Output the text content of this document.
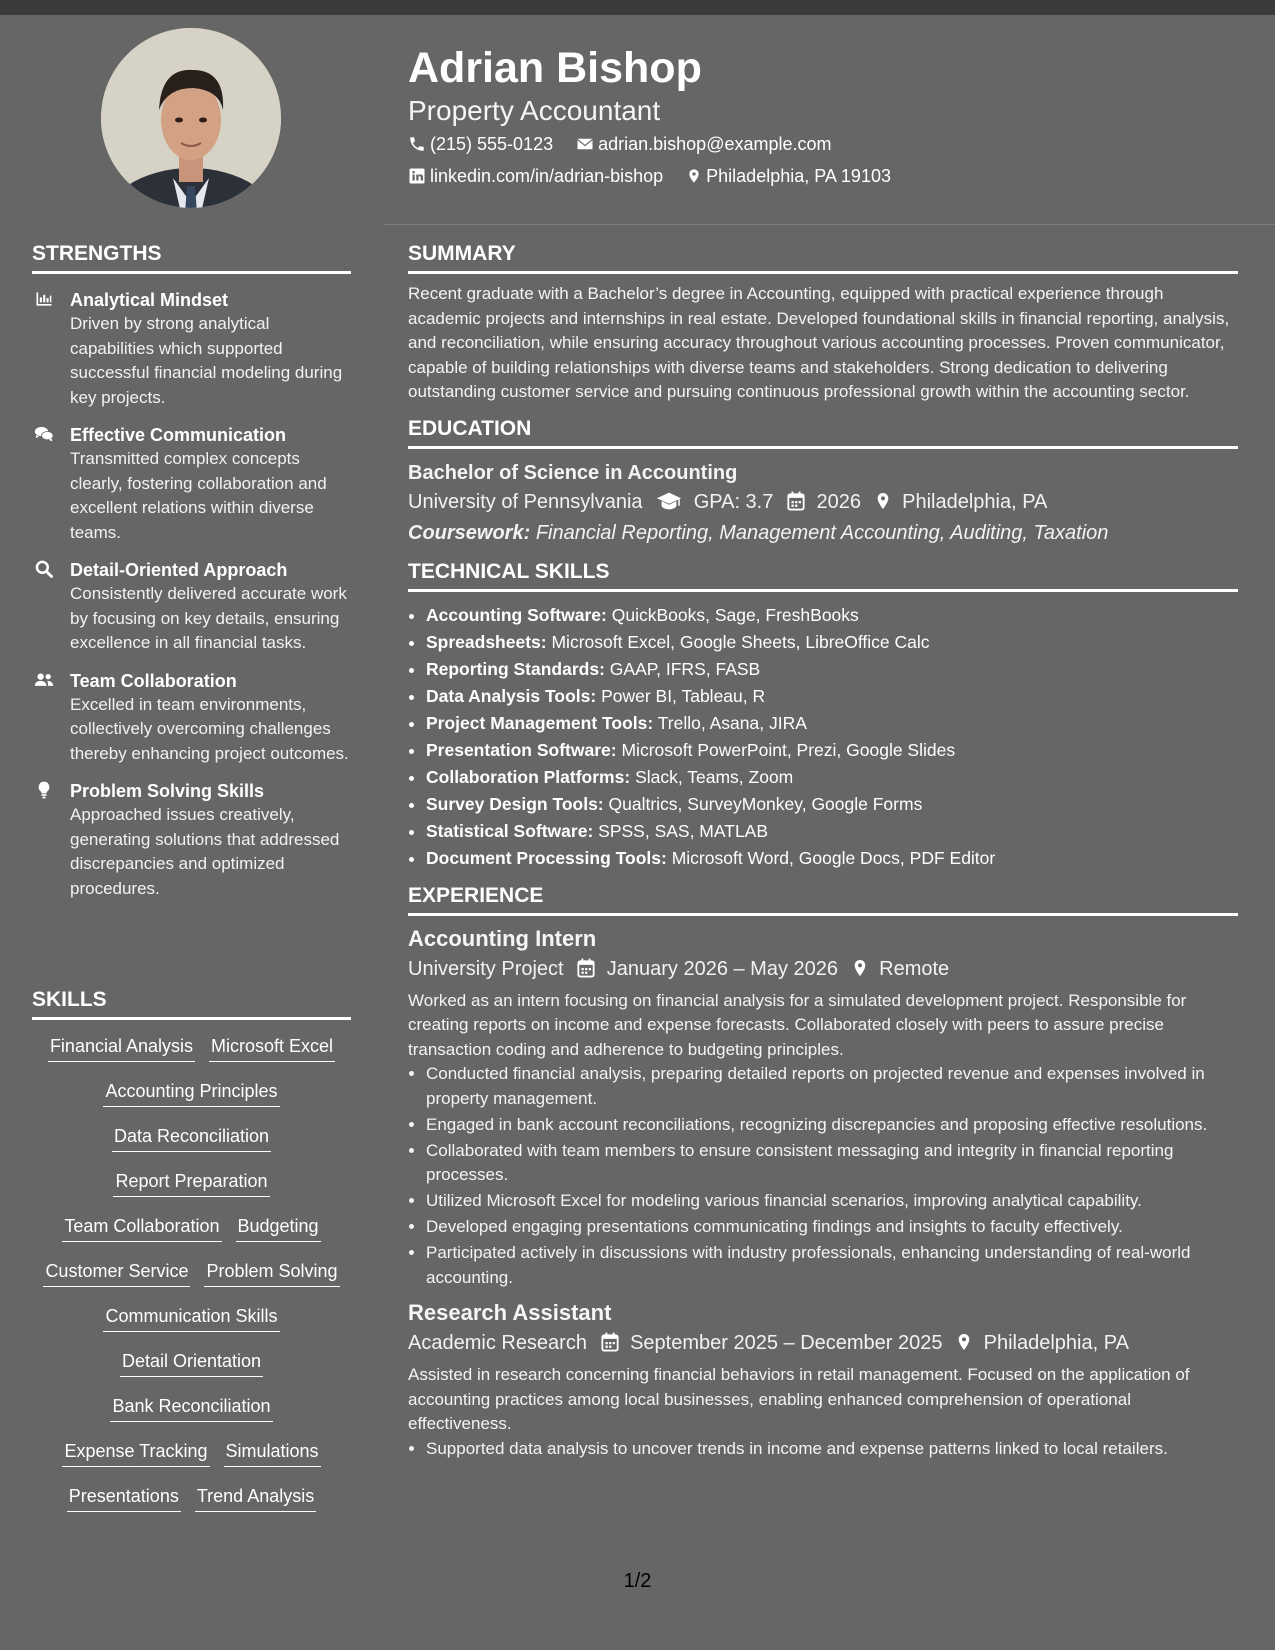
Adrian Bishop
Property Accountant
(215) 555-0123	adrian.bishop@example.com
linkedin.com/in/adrian-bishop Philadelphia, PA 19103
STRENGTHS
Analytical Mindset
Driven by strong analytical capabilities which supported successful financial modeling during key projects.
Effective Communication
Transmitted complex concepts clearly, fostering collaboration and excellent relations within diverse teams.
Detail-Oriented Approach
Consistently delivered accurate work by focusing on key details, ensuring excellence in all financial tasks.
Team Collaboration
Excelled in team environments, collectively overcoming challenges thereby enhancing project outcomes.
Problem Solving Skills
Approached issues creatively, generating solutions that addressed discrepancies and optimized procedures.
SKILLS
Financial Analysis Microsoft Excel
Accounting Principles
Data Reconciliation
Report Preparation
Team Collaboration Budgeting
Customer Service Problem Solving
Communication Skills
Detail Orientation
Bank Reconciliation
Expense Tracking Simulations
Presentations Trend Analysis
SUMMARY

Recent graduate with a Bachelor’s degree in Accounting, equipped with practical experience through academic projects and internships in real estate. Developed foundational skills in financial reporting, analysis, and reconciliation, while ensuring accuracy throughout various accounting processes. Proven communicator, capable of building relationships with diverse teams and stakeholders. Strong dedication to delivering outstanding customer service and pursuing continuous professional growth within the accounting sector.

EDUCATION
Bachelor of Science in Accounting
University of Pennsylvania	GPA: 3.7 2026 Philadelphia, PA
Coursework: Financial Reporting, Management Accounting, Auditing, Taxation
TECHNICAL SKILLS
• Accounting Software: QuickBooks, Sage, FreshBooks
• Spreadsheets: Microsoft Excel, Google Sheets, LibreOffice Calc
• Reporting Standards: GAAP, IFRS, FASB
• Data Analysis Tools: Power BI, Tableau, R
• Project Management Tools: Trello, Asana, JIRA
• Presentation Software: Microsoft PowerPoint, Prezi, Google Slides
• Collaboration Platforms: Slack, Teams, Zoom
• Survey Design Tools: Qualtrics, SurveyMonkey, Google Forms
• Statistical Software: SPSS, SAS, MATLAB
• Document Processing Tools: Microsoft Word, Google Docs, PDF Editor
EXPERIENCE
Accounting Intern
University Project January 2026 – May 2026 Remote

Worked as an intern focusing on financial analysis for a simulated development project. Responsible for creating reports on income and expense forecasts. Collaborated closely with peers to assure precise transaction coding and adherence to budgeting principles.

• Conducted financial analysis, preparing detailed reports on projected revenue and expenses involved in property management.
• Engaged in bank account reconciliations, recognizing discrepancies and proposing effective resolutions.
• Collaborated with team members to ensure consistent messaging and integrity in financial reporting processes.
• Utilized Microsoft Excel for modeling various financial scenarios, improving analytical capability.
• Developed engaging presentations communicating findings and insights to faculty effectively.
• Participated actively in discussions with industry professionals, enhancing understanding of real-world accounting.
Research Assistant
Academic Research September 2025 – December 2025 Philadelphia, PA

Assisted in research concerning financial behaviors in retail management. Focused on the application of accounting practices among local businesses, enabling enhanced comprehension of operational effectiveness.

• Supported data analysis to uncover trends in income and expense patterns linked to local retailers.
1/2
